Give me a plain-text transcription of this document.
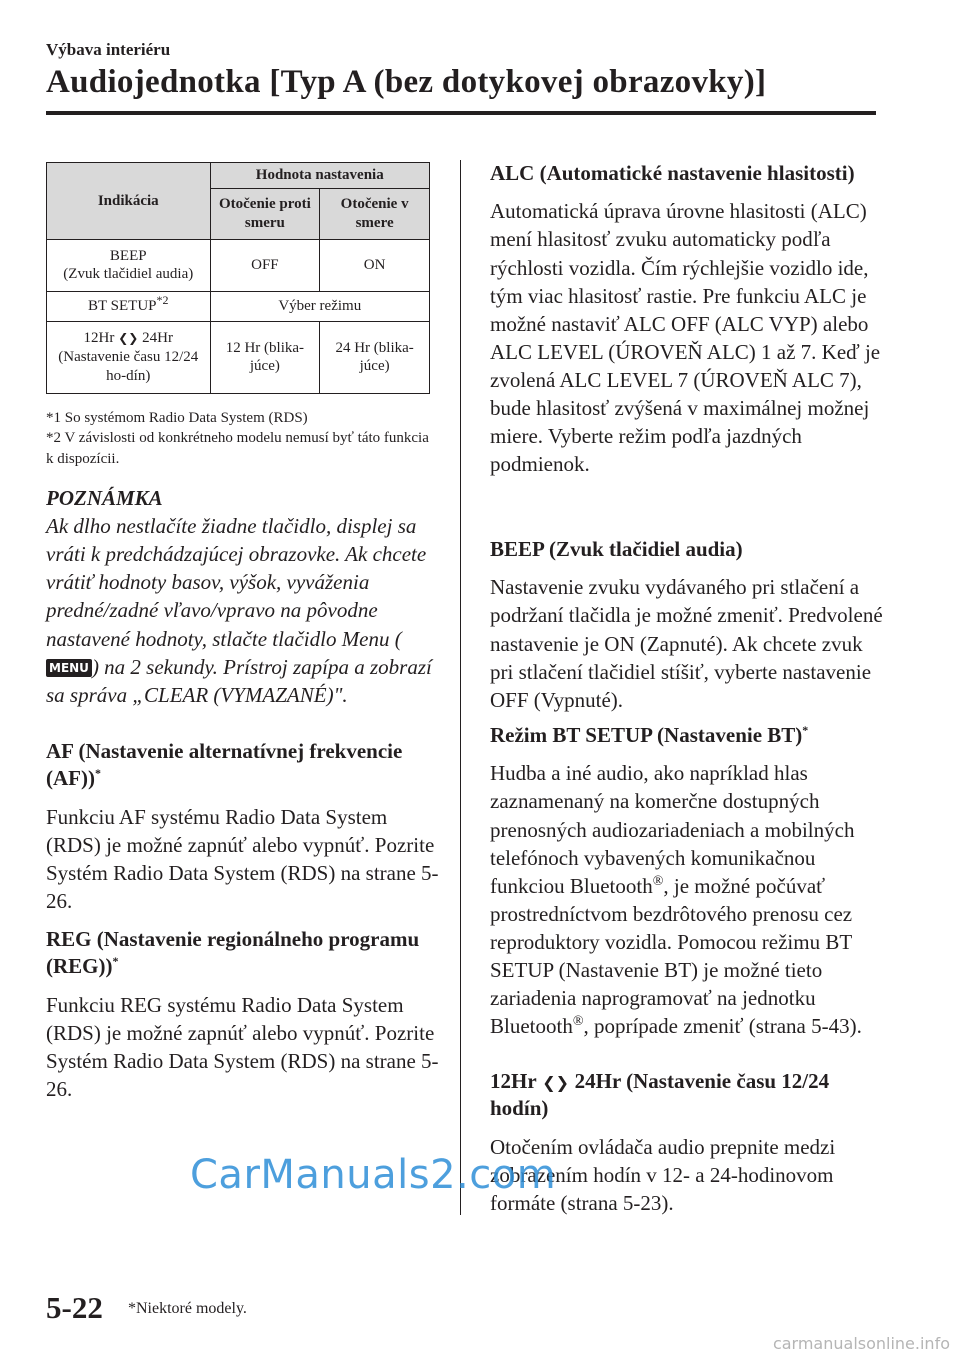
Výbava interiéru
Audiojednotka [Typ A (bez dotykovej obrazovky)]
Indikácia	Hodnota nastavenia	
	Otočenie proti smeru	Otočenie v smere
BEEP
(Zvuk tlačidiel audia)	OFF	ON
BT SETUP$^{*2}$	Výber režimu	
12Hr ❮❯ 24Hr
(Nastavenie času 12/24 ho-dín)	12 Hr (blika-júce)	24 Hr (blika-júce)

*1 So systémom Radio Data System (RDS)

*2 V závislosti od konkrétneho modelu nemusí byť táto funkcia k dispozícii.

POZNÁMKA
Ak dlho nestlačíte žiadne tlačidlo, displej sa vráti k predchádzajúcej obrazovke. Ak chcete vrátiť hodnoty basov, výšok, vyváženia predné/zadné vľavo/vpravo na pôvodne nastavené hodnoty, stlačte tlačidlo Menu (MENU ) na 2 sekundy. Prístroj zapípa a zobrazí sa správa „CLEAR (VYMAZANÉ)".

AF (Nastavenie alternatívnej frekvencie (AF))*

Funkciu AF systému Radio Data System (RDS) je možné zapnúť alebo vypnúť. Pozrite Systém Radio Data System (RDS) na strane 5-26.

REG (Nastavenie regionálneho programu (REG))*

Funkciu REG systému Radio Data System (RDS) je možné zapnúť alebo vypnúť. Pozrite Systém Radio Data System (RDS) na strane 5-26.

ALC (Automatické nastavenie hlasitosti)

Automatická úprava úrovne hlasitosti (ALC) mení hlasitosť zvuku automaticky podľa rýchlosti vozidla. Čím rýchlejšie vozidlo ide, tým viac hlasitosť rastie. Pre funkciu ALC je možné nastaviť ALC OFF (ALC VYP) alebo ALC LEVEL (ÚROVEŇ ALC) 1 až 7. Keď je zvolená ALC LEVEL 7 (ÚROVEŇ ALC 7), bude hlasitosť zvýšená v maximálnej možnej miere. Vyberte režim podľa jazdných podmienok.

BEEP (Zvuk tlačidiel audia)

Nastavenie zvuku vydávaného pri stlačení a podržaní tlačidla je možné zmeniť. Predvolené nastavenie je ON (Zapnuté). Ak chcete zvuk pri stlačení tlačidiel stíšiť, vyberte nastavenie OFF (Vypnuté).

Režim BT SETUP (Nastavenie BT)*

Hudba a iné audio, ako napríklad hlas zaznamenaný na komerčne dostupných prenosných audiozariadeniach a mobilných telefónoch vybavených komunikačnou funkciou Bluetooth®, je možné počúvať prostredníctvom bezdrôtového prenosu cez reproduktory vozidla. Pomocou režimu BT SETUP (Nastavenie BT) je možné tieto zariadenia naprogramovať na jednotku Bluetooth®, poprípade zmeniť (strana 5-43).

12Hr ❮❯ 24Hr (Nastavenie času 12/24 hodín)

Otočením ovládača audio prepnite medzi zobrazením hodín v 12- a 24-hodinovom formáte (strana 5-23).

CarManuals2.com
5-22 *Niektoré modely.
carmanualsonline.info
